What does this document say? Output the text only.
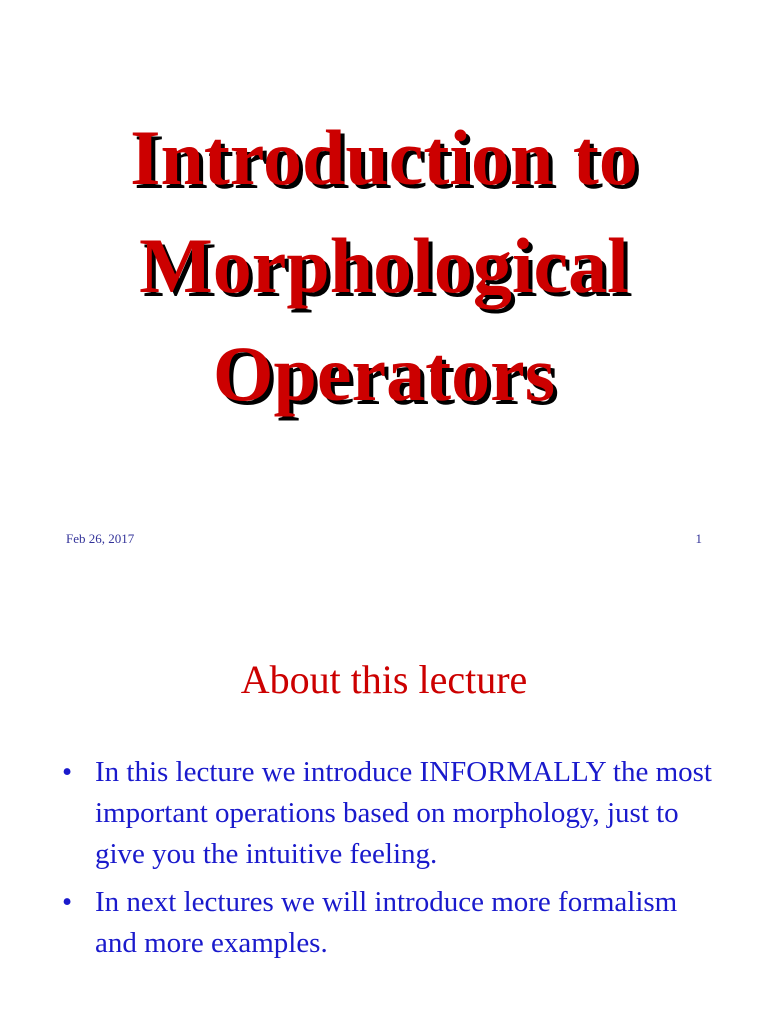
Introduction to
Morphological
Operators
Feb 26, 2017	1
About this lecture
• In this lecture we introduce INFORMALLY the most important operations based on morphology, just to give you the intuitive feeling.
• In next lectures we will introduce more formalism and more examples.
